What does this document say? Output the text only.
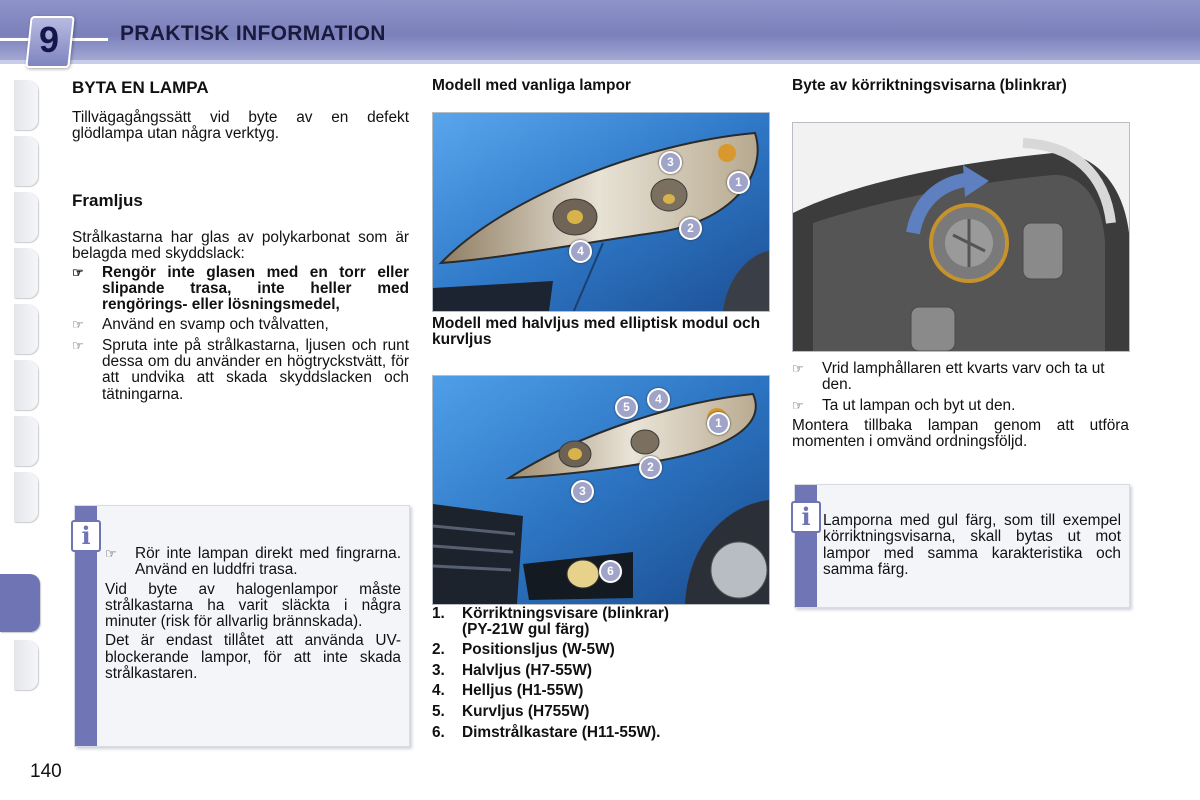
9	PRAKTISK INFORMATION
BYTA EN LAMPA
Tillvägagångssätt vid byte av en defekt glödlampa utan några verktyg.
Framljus

Strålkastarna har glas av polykarbonat som är belagda med skyddslack:

☞ Rengör inte glasen med en torr eller slipande trasa, inte heller med rengörings- eller lösningsmedel,
☞ Använd en svamp och tvålvatten,
☞ Spruta inte på strålkastarna, ljusen och runt dessa om du använder en högtryckstvätt, för att undvika att skada skyddslacken och tätningarna.
i
☞ Rör inte lampan direkt med fingrarna. Använd en luddfri trasa.

Vid byte av halogenlampor måste strålkastarna ha varit släckta i några minuter (risk för allvarlig brännskada).

Det är endast tillåtet att använda UV-blockerande lampor, för att inte skada strålkastaren.

Modell med vanliga lampor
1
2
3
4
Modell med halvljus med elliptisk modul och kurvljus
1
2
3
4
5
6
1. Körriktningsvisare (blinkrar)
(PY-21W gul färg)
2. Positionsljus (W-5W)
3. Halvljus (H7-55W)
4. Helljus (H1-55W)
5. Kurvljus (H755W)
6. Dimstrålkastare (H11-55W).
Byte av körriktningsvisarna (blinkrar)
☞ Vrid lamphållaren ett kvarts varv och ta ut den.
☞ Ta ut lampan och byt ut den.

Montera tillbaka lampan genom att utföra momenten i omvänd ordningsföljd.

i Lamporna med gul färg, som till exempel körriktningsvisarna, skall bytas ut mot lampor med samma karakteristika och samma färg.
140
